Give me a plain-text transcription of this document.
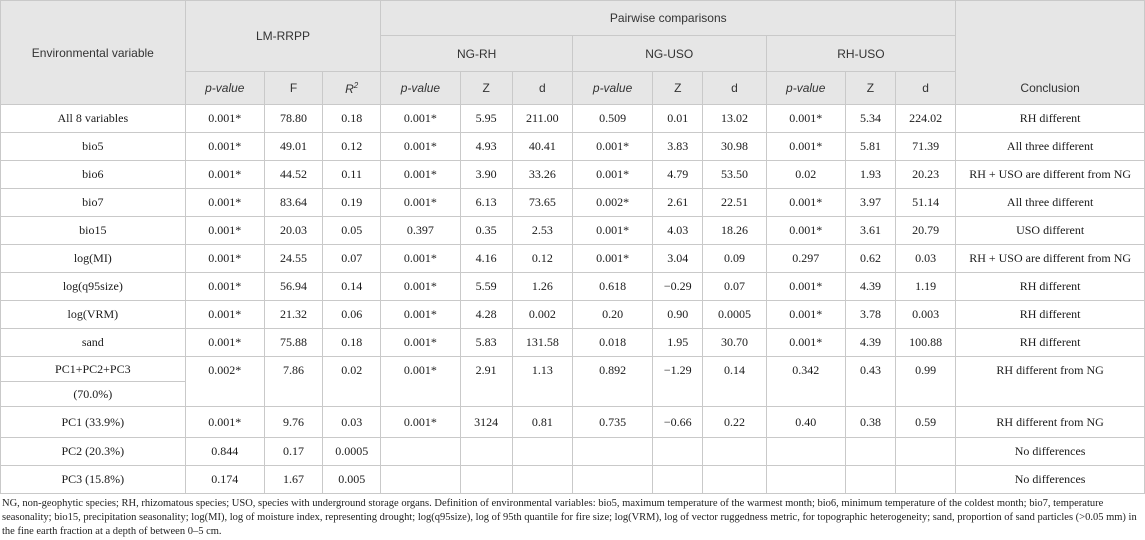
Environmental variable	LM-RRPP			Pairwise comparisons									
				NG-RH			NG-USO			RH-USO			
	p-value	F	$R^2$	p-value	Z	d	p-value	Z	d	p-value	Z	d	Conclusion
All 8 variables	0.001*	78.80	0.18	0.001*	5.95	211.00	0.509	0.01	13.02	0.001*	5.34	224.02	RH different
bio5	0.001*	49.01	0.12	0.001*	4.93	40.41	0.001*	3.83	30.98	0.001*	5.81	71.39	All three different
bio6	0.001*	44.52	0.11	0.001*	3.90	33.26	0.001*	4.79	53.50	0.02	1.93	20.23	RH + USO are different from NG
bio7	0.001*	83.64	0.19	0.001*	6.13	73.65	0.002*	2.61	22.51	0.001*	3.97	51.14	All three different
bio15	0.001*	20.03	0.05	0.397	0.35	2.53	0.001*	4.03	18.26	0.001*	3.61	20.79	USO different
log(MI)	0.001*	24.55	0.07	0.001*	4.16	0.12	0.001*	3.04	0.09	0.297	0.62	0.03	RH + USO are different from NG
log(q95size)	0.001*	56.94	0.14	0.001*	5.59	1.26	0.618	−0.29	0.07	0.001*	4.39	1.19	RH different
log(VRM)	0.001*	21.32	0.06	0.001*	4.28	0.002	0.20	0.90	0.0005	0.001*	3.78	0.003	RH different
sand	0.001*	75.88	0.18	0.001*	5.83	131.58	0.018	1.95	30.70	0.001*	4.39	100.88	RH different
PC1+PC2+PC3	0.002*	7.86	0.02	0.001*	2.91	1.13	0.892	−1.29	0.14	0.342	0.43	0.99	RH different from NG
(70.0%)													
PC1 (33.9%)	0.001*	9.76	0.03	0.001*	3124	0.81	0.735	−0.66	0.22	0.40	0.38	0.59	RH different from NG
PC2 (20.3%)	0.844	0.17	0.0005										No differences
PC3 (15.8%)	0.174	1.67	0.005										No differences
NG, non-geophytic species; RH, rhizomatous species; USO, species with underground storage organs. Definition of environmental variables: bio5, maximum temperature of the warmest month; bio6, minimum temperature of the coldest month; bio7, temperature seasonality; bio15, precipitation seasonality; log(MI), log of moisture index, representing drought; log(q95size), log of 95th quantile for fire size; log(VRM), log of vector ruggedness metric, for topographic heterogeneity; sand, proportion of sand particles (>0.05 mm) in the fine earth fraction at a depth of between 0–5 cm.
